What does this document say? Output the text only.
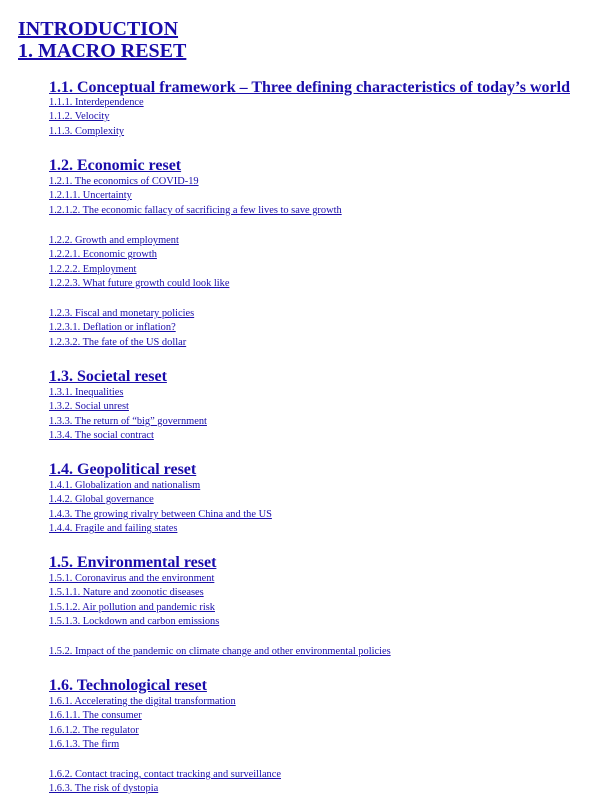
INTRODUCTION
1. MACRO RESET
1.1. Conceptual framework – Three defining characteristics of today’s world
1.1.1. Interdependence
1.1.2. Velocity
1.1.3. Complexity
1.2. Economic reset
1.2.1. The economics of COVID-19
1.2.1.1. Uncertainty
1.2.1.2. The economic fallacy of sacrificing a few lives to save growth
1.2.2. Growth and employment
1.2.2.1. Economic growth
1.2.2.2. Employment
1.2.2.3. What future growth could look like
1.2.3. Fiscal and monetary policies
1.2.3.1. Deflation or inflation?
1.2.3.2. The fate of the US dollar
1.3. Societal reset
1.3.1. Inequalities
1.3.2. Social unrest
1.3.3. The return of “big” government
1.3.4. The social contract
1.4. Geopolitical reset
1.4.1. Globalization and nationalism
1.4.2. Global governance
1.4.3. The growing rivalry between China and the US
1.4.4. Fragile and failing states
1.5. Environmental reset
1.5.1. Coronavirus and the environment
1.5.1.1. Nature and zoonotic diseases
1.5.1.2. Air pollution and pandemic risk
1.5.1.3. Lockdown and carbon emissions
1.5.2. Impact of the pandemic on climate change and other environmental policies
1.6. Technological reset
1.6.1. Accelerating the digital transformation
1.6.1.1. The consumer
1.6.1.2. The regulator
1.6.1.3. The firm
1.6.2. Contact tracing, contact tracking and surveillance
1.6.3. The risk of dystopia
